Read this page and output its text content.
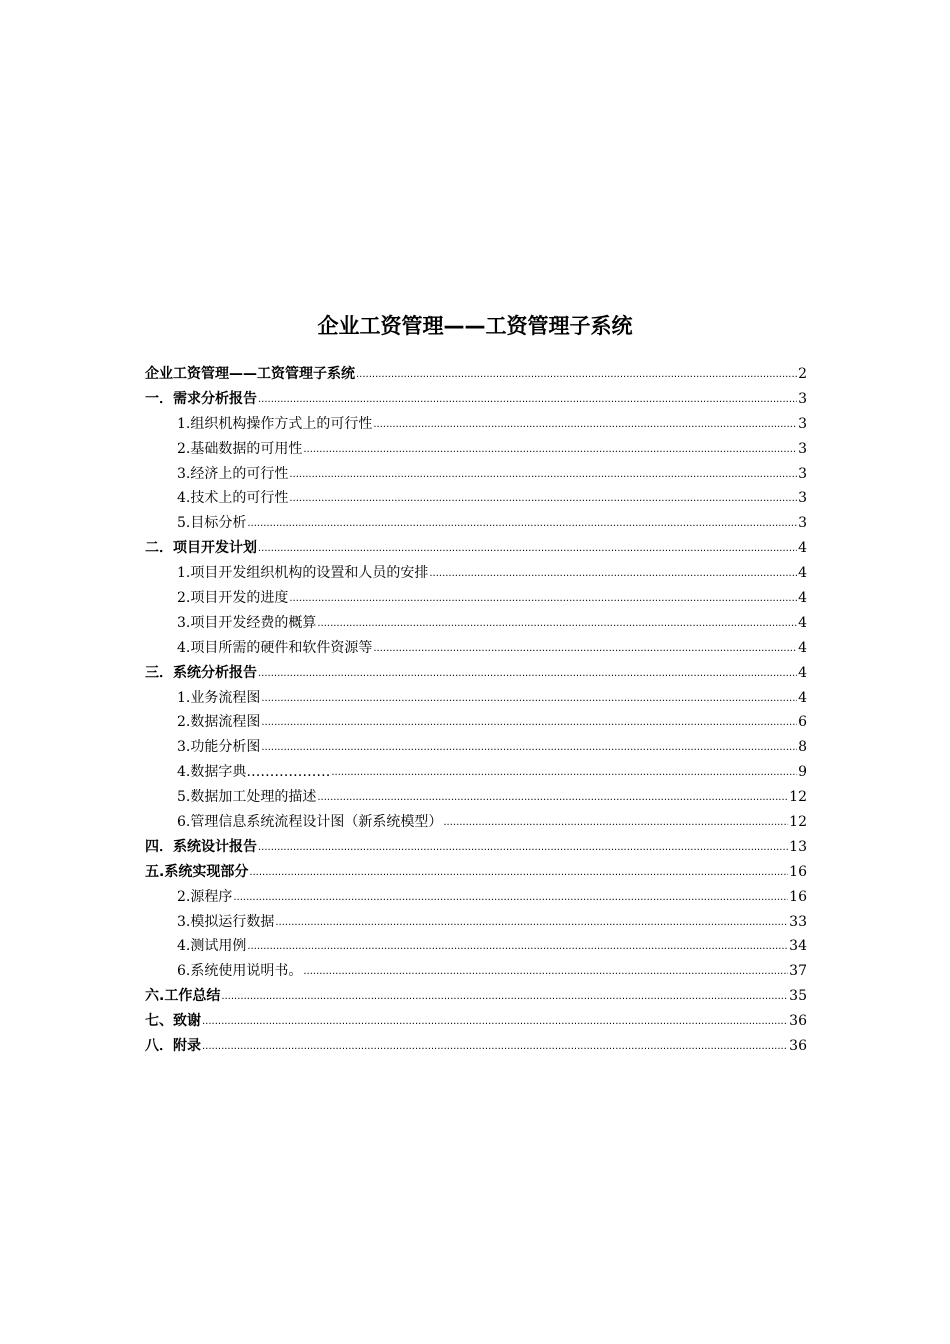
企业工资管理——工资管理子系统
企业工资管理——工资管理子系统 .....	2
一．需求分析报告 .....	3
1.组织机构操作方式上的可行性 .....	3
2.基础数据的可用性 .....	3
3.经济上的可行性 .....	3
4.技术上的可行性 .....	3
5.目标分析 .....	3
二．项目开发计划 .....	4
1.项目开发组织机构的设置和人员的安排 .....	4
2.项目开发的进度 .....	4
3.项目开发经费的概算 .....	4
4.项目所需的硬件和软件资源等 .....	4
三．系统分析报告 .....	4
1.业务流程图 .....	4
2.数据流程图 .....	6
3.功能分析图 .....	8
4.数据字典……………… .....	9
5.数据加工处理的描述 .....	12
6.管理信息系统流程设计图（新系统模型） .....	12
四．系统设计报告 .....	13
五.系统实现部分 .....	16
2.源程序 .....	16
3.模拟运行数据 .....	33
4.测试用例 .....	34
6.系统使用说明书。 .....	37
六.工作总结 .....	35
七、致谢 .....	36
八．附录 .....	36
